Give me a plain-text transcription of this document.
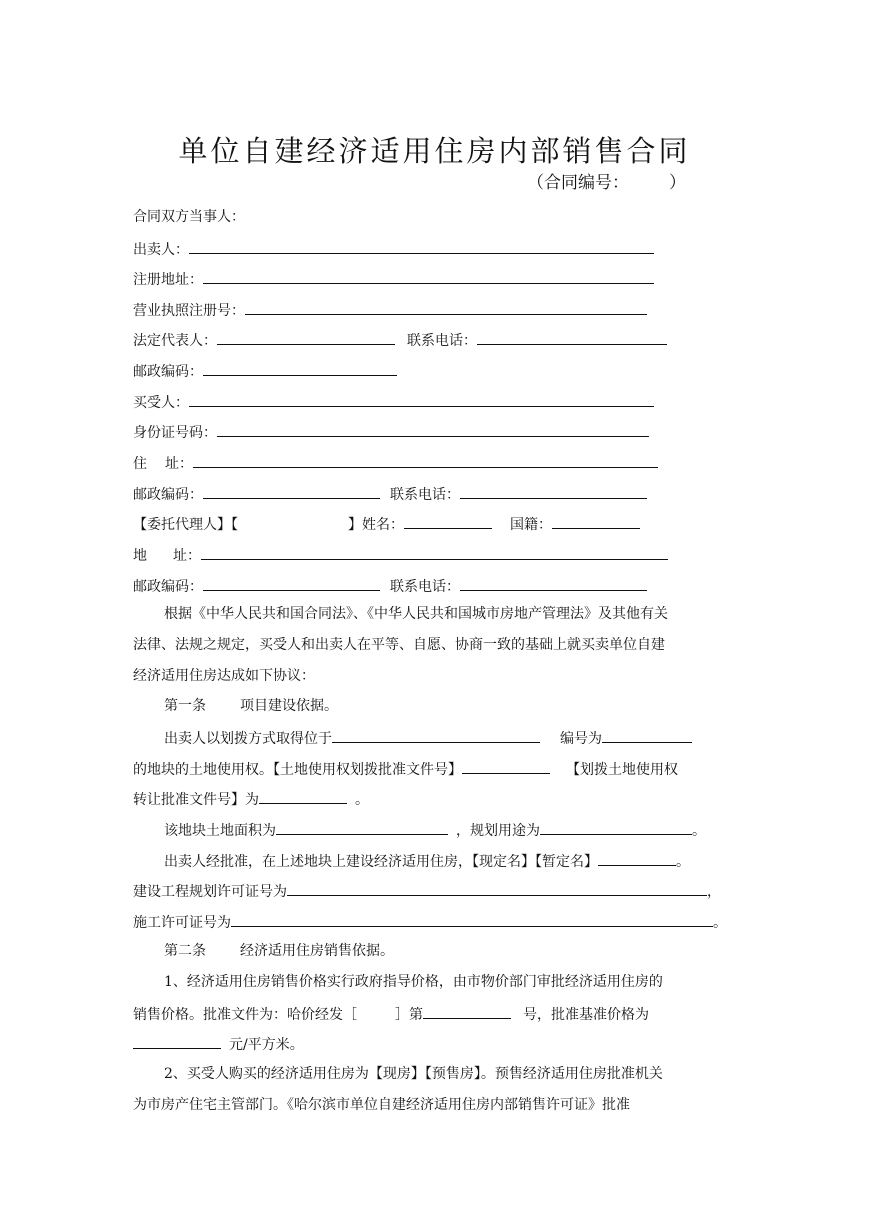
单位自建经济适用住房内部销售合同
（合同编号： ）
合同双方当事人：
出卖人：
注册地址：
营业执照注册号：
法定代表人：	联系电话：
邮政编码：
买受人：
身份证号码：
住 址：
邮政编码：	联系电话：
【委托代理人】【	】姓名：	国籍：
地 址：
邮政编码：	联系电话：
根据《中华人民共和国合同法》、《中华人民共和国城市房地产管理法》及其他有关
法律、法规之规定，买受人和出卖人在平等、自愿、协商一致的基础上就买卖单位自建
经济适用住房达成如下协议：
第一条 项目建设依据。
出卖人以划拨方式取得位于	编号为
的地块的土地使用权。【土地使用权划拨批准文件号】	【划拨土地使用权
转让批准文件号】为	。
该地块土地面积为	，规划用途为	。
出卖人经批准，在上述地块上建设经济适用住房，【现定名】【暂定名】	。
建设工程规划许可证号为	，
施工许可证号为	。
第二条 经济适用住房销售依据。
1、经济适用住房销售价格实行政府指导价格，由市物价部门审批经济适用住房的
销售价格。批准文件为：哈价经发［	］第	号，批准基准价格为
元/平方米。
2、买受人购买的经济适用住房为【现房】【预售房】。预售经济适用住房批准机关
为市房产住宅主管部门。《哈尔滨市单位自建经济适用住房内部销售许可证》批准
